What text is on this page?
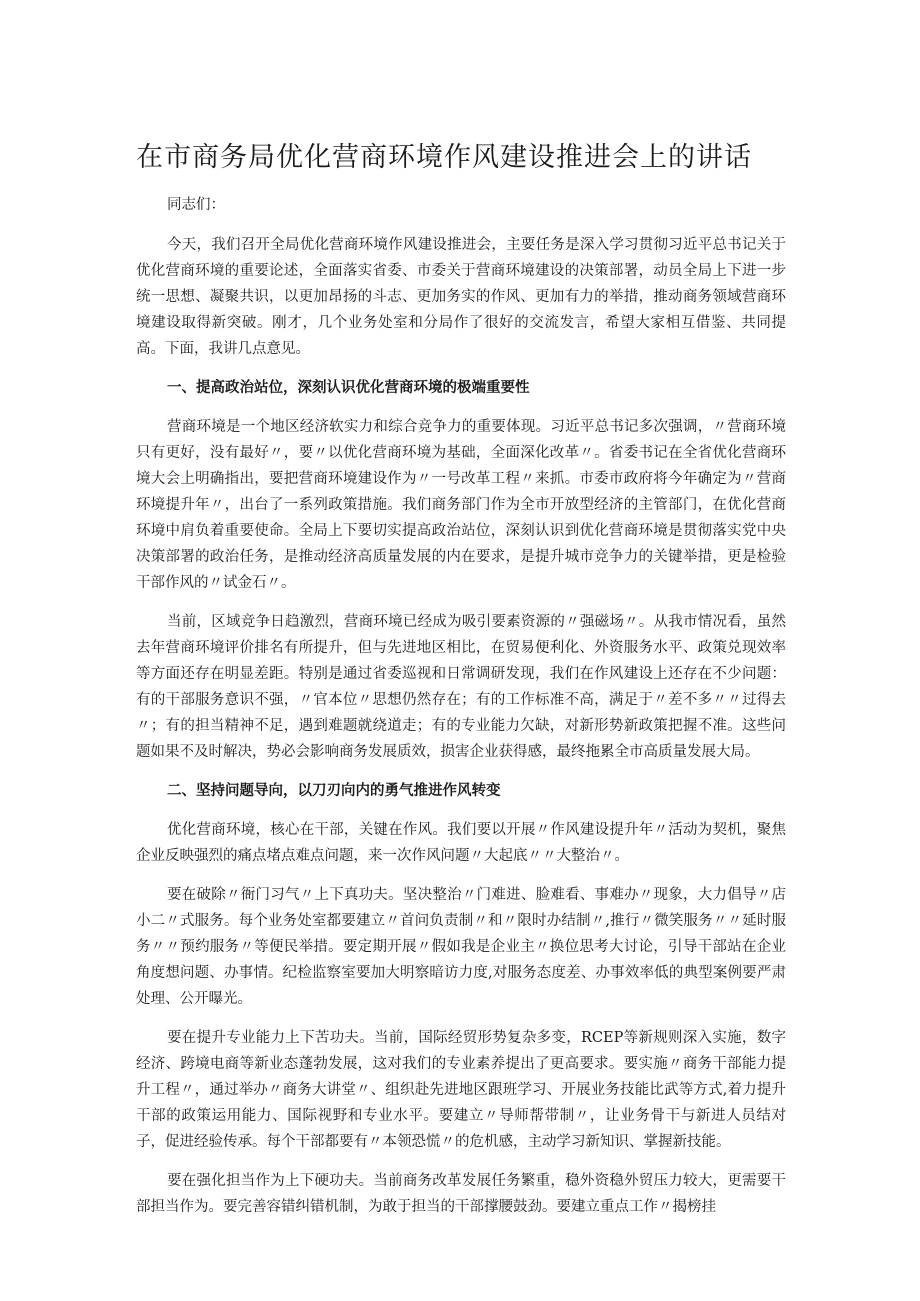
在市商务局优化营商环境作风建设推进会上的讲话

同志们：

今天，我们召开全局优化营商环境作风建设推进会，主要任务是深入学习贯彻习近平总书记关于优化营商环境的重要论述，全面落实省委、市委关于营商环境建设的决策部署，动员全局上下进一步统一思想、凝聚共识，以更加昂扬的斗志、更加务实的作风、更加有力的举措，推动商务领域营商环境建设取得新突破。刚才，几个业务处室和分局作了很好的交流发言，希望大家相互借鉴、共同提高。下面，我讲几点意见。

一、提高政治站位，深刻认识优化营商环境的极端重要性

营商环境是一个地区经济软实力和综合竞争力的重要体现。习近平总书记多次强调，〃营商环境只有更好，没有最好〃，要〃以优化营商环境为基础，全面深化改革〃。省委书记在全省优化营商环境大会上明确指出，要把营商环境建设作为〃一号改革工程〃来抓。市委市政府将今年确定为〃营商环境提升年〃，出台了一系列政策措施。我们商务部门作为全市开放型经济的主管部门，在优化营商环境中肩负着重要使命。全局上下要切实提高政治站位，深刻认识到优化营商环境是贯彻落实党中央决策部署的政治任务，是推动经济高质量发展的内在要求，是提升城市竞争力的关键举措，更是检验干部作风的〃试金石〃。

当前，区域竞争日趋激烈，营商环境已经成为吸引要素资源的〃强磁场〃。从我市情况看，虽然去年营商环境评价排名有所提升，但与先进地区相比，在贸易便利化、外资服务水平、政策兑现效率等方面还存在明显差距。特别是通过省委巡视和日常调研发现，我们在作风建设上还存在不少问题：有的干部服务意识不强，〃官本位〃思想仍然存在；有的工作标准不高，满足于〃差不多〃〃过得去〃；有的担当精神不足，遇到难题就绕道走；有的专业能力欠缺，对新形势新政策把握不准。这些问题如果不及时解决，势必会影响商务发展质效，损害企业获得感，最终拖累全市高质量发展大局。

二、坚持问题导向，以刀刃向内的勇气推进作风转变

优化营商环境，核心在干部，关键在作风。我们要以开展〃作风建设提升年〃活动为契机，聚焦企业反映强烈的痛点堵点难点问题，来一次作风问题〃大起底〃〃大整治〃。

要在破除〃衙门习气〃上下真功夫。坚决整治〃门难进、脸难看、事难办〃现象，大力倡导〃店小二〃式服务。每个业务处室都要建立〃首问负责制〃和〃限时办结制〃,推行〃微笑服务〃〃延时服务〃〃预约服务〃等便民举措。要定期开展〃假如我是企业主〃换位思考大讨论，引导干部站在企业角度想问题、办事情。纪检监察室要加大明察暗访力度,对服务态度差、办事效率低的典型案例要严肃处理、公开曝光。

要在提升专业能力上下苦功夫。当前，国际经贸形势复杂多变，RCEP等新规则深入实施，数字经济、跨境电商等新业态蓬勃发展，这对我们的专业素养提出了更高要求。要实施〃商务干部能力提升工程〃，通过举办〃商务大讲堂〃、组织赴先进地区跟班学习、开展业务技能比武等方式,着力提升干部的政策运用能力、国际视野和专业水平。要建立〃导师帮带制〃，让业务骨干与新进人员结对子，促进经验传承。每个干部都要有〃本领恐慌〃的危机感，主动学习新知识、掌握新技能。

要在强化担当作为上下硬功夫。当前商务改革发展任务繁重，稳外资稳外贸压力较大，更需要干部担当作为。要完善容错纠错机制，为敢于担当的干部撑腰鼓劲。要建立重点工作〃揭榜挂
